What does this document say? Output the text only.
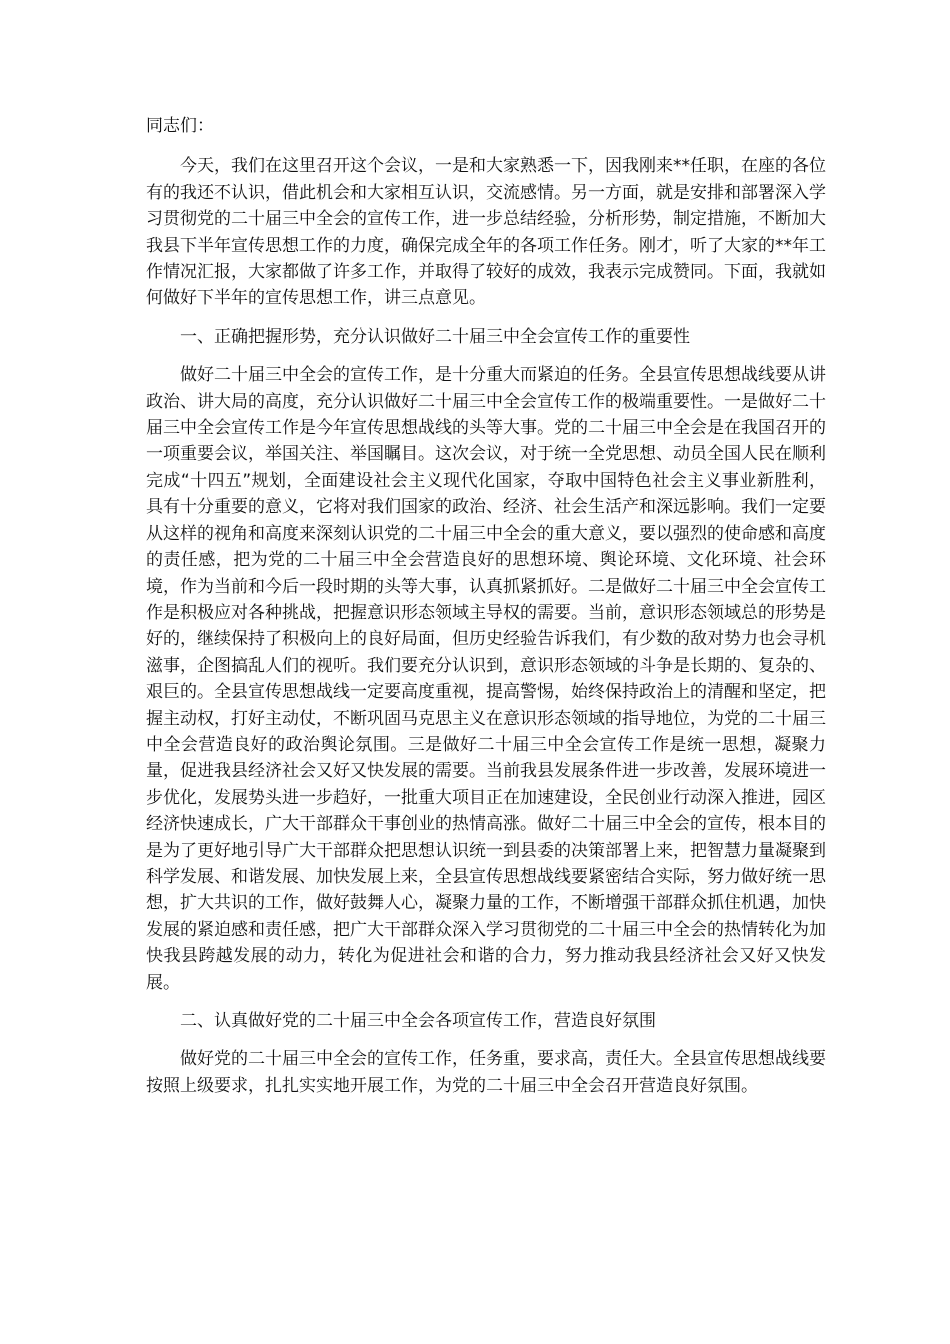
同志们：

今天，我们在这里召开这个会议，一是和大家熟悉一下，因我刚来**任职，在座的各位有的我还不认识，借此机会和大家相互认识，交流感情。另一方面，就是安排和部署深入学习贯彻党的二十届三中全会的宣传工作，进一步总结经验，分析形势，制定措施，不断加大我县下半年宣传思想工作的力度，确保完成全年的各项工作任务。刚才，听了大家的**年工作情况汇报，大家都做了许多工作，并取得了较好的成效，我表示完成赞同。下面，我就如何做好下半年的宣传思想工作，讲三点意见。

一、正确把握形势，充分认识做好二十届三中全会宣传工作的重要性

做好二十届三中全会的宣传工作，是十分重大而紧迫的任务。全县宣传思想战线要从讲政治、讲大局的高度，充分认识做好二十届三中全会宣传工作的极端重要性。一是做好二十届三中全会宣传工作是今年宣传思想战线的头等大事。党的二十届三中全会是在我国召开的一项重要会议，举国关注、举国瞩目。这次会议，对于统一全党思想、动员全国人民在顺利完成“十四五”规划，全面建设社会主义现代化国家，夺取中国特色社会主义事业新胜利，具有十分重要的意义，它将对我们国家的政治、经济、社会生活产和深远影响。我们一定要从这样的视角和高度来深刻认识党的二十届三中全会的重大意义，要以强烈的使命感和高度的责任感，把为党的二十届三中全会营造良好的思想环境、舆论环境、文化环境、社会环境，作为当前和今后一段时期的头等大事，认真抓紧抓好。二是做好二十届三中全会宣传工作是积极应对各种挑战，把握意识形态领域主导权的需要。当前，意识形态领域总的形势是好的，继续保持了积极向上的良好局面，但历史经验告诉我们，有少数的敌对势力也会寻机滋事，企图搞乱人们的视听。我们要充分认识到，意识形态领域的斗争是长期的、复杂的、艰巨的。全县宣传思想战线一定要高度重视，提高警惕，始终保持政治上的清醒和坚定，把握主动权，打好主动仗，不断巩固马克思主义在意识形态领域的指导地位，为党的二十届三中全会营造良好的政治舆论氛围。三是做好二十届三中全会宣传工作是统一思想，凝聚力量，促进我县经济社会又好又快发展的需要。当前我县发展条件进一步改善，发展环境进一步优化，发展势头进一步趋好，一批重大项目正在加速建设，全民创业行动深入推进，园区经济快速成长，广大干部群众干事创业的热情高涨。做好二十届三中全会的宣传，根本目的是为了更好地引导广大干部群众把思想认识统一到县委的决策部署上来，把智慧力量凝聚到科学发展、和谐发展、加快发展上来，全县宣传思想战线要紧密结合实际，努力做好统一思想，扩大共识的工作，做好鼓舞人心，凝聚力量的工作，不断增强干部群众抓住机遇，加快发展的紧迫感和责任感，把广大干部群众深入学习贯彻党的二十届三中全会的热情转化为加快我县跨越发展的动力，转化为促进社会和谐的合力，努力推动我县经济社会又好又快发展。

二、认真做好党的二十届三中全会各项宣传工作，营造良好氛围

做好党的二十届三中全会的宣传工作，任务重，要求高，责任大。全县宣传思想战线要按照上级要求，扎扎实实地开展工作，为党的二十届三中全会召开营造良好氛围。
